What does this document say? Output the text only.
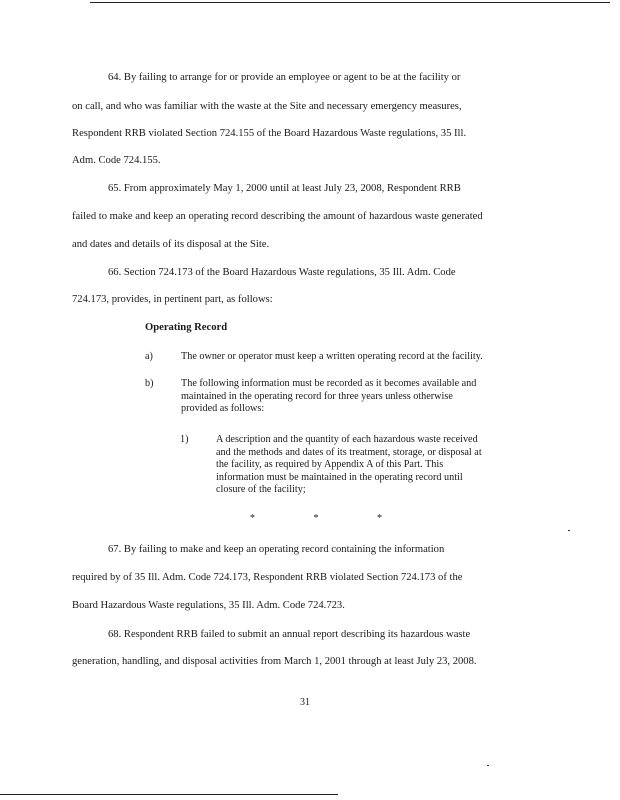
64. By failing to arrange for or provide an employee or agent to be at the facility or
on call, and who was familiar with the waste at the Site and necessary emergency measures,
Respondent RRB violated Section 724.155 of the Board Hazardous Waste regulations, 35 Ill.
Adm. Code 724.155.
65. From approximately May 1, 2000 until at least July 23, 2008, Respondent RRB
failed to make and keep an operating record describing the amount of hazardous waste generated
and dates and details of its disposal at the Site.
66. Section 724.173 of the Board Hazardous Waste regulations, 35 Ill. Adm. Code
724.173, provides, in pertinent part, as follows:
Operating Record
a)	The owner or operator must keep a written operating record at the facility.
b)	The following information must be recorded as it becomes available and
maintained in the operating record for three years unless otherwise
provided as follows:
1)	A description and the quantity of each hazardous waste received
and the methods and dates of its treatment, storage, or disposal at
the facility, as required by Appendix A of this Part. This
information must be maintained in the operating record until
closure of the facility;
* * *
67. By failing to make and keep an operating record containing the information
required by of 35 Ill. Adm. Code 724.173, Respondent RRB violated Section 724.173 of the
Board Hazardous Waste regulations, 35 Ill. Adm. Code 724.723.
68. Respondent RRB failed to submit an annual report describing its hazardous waste
generation, handling, and disposal activities from March 1, 2001 through at least July 23, 2008.
31
